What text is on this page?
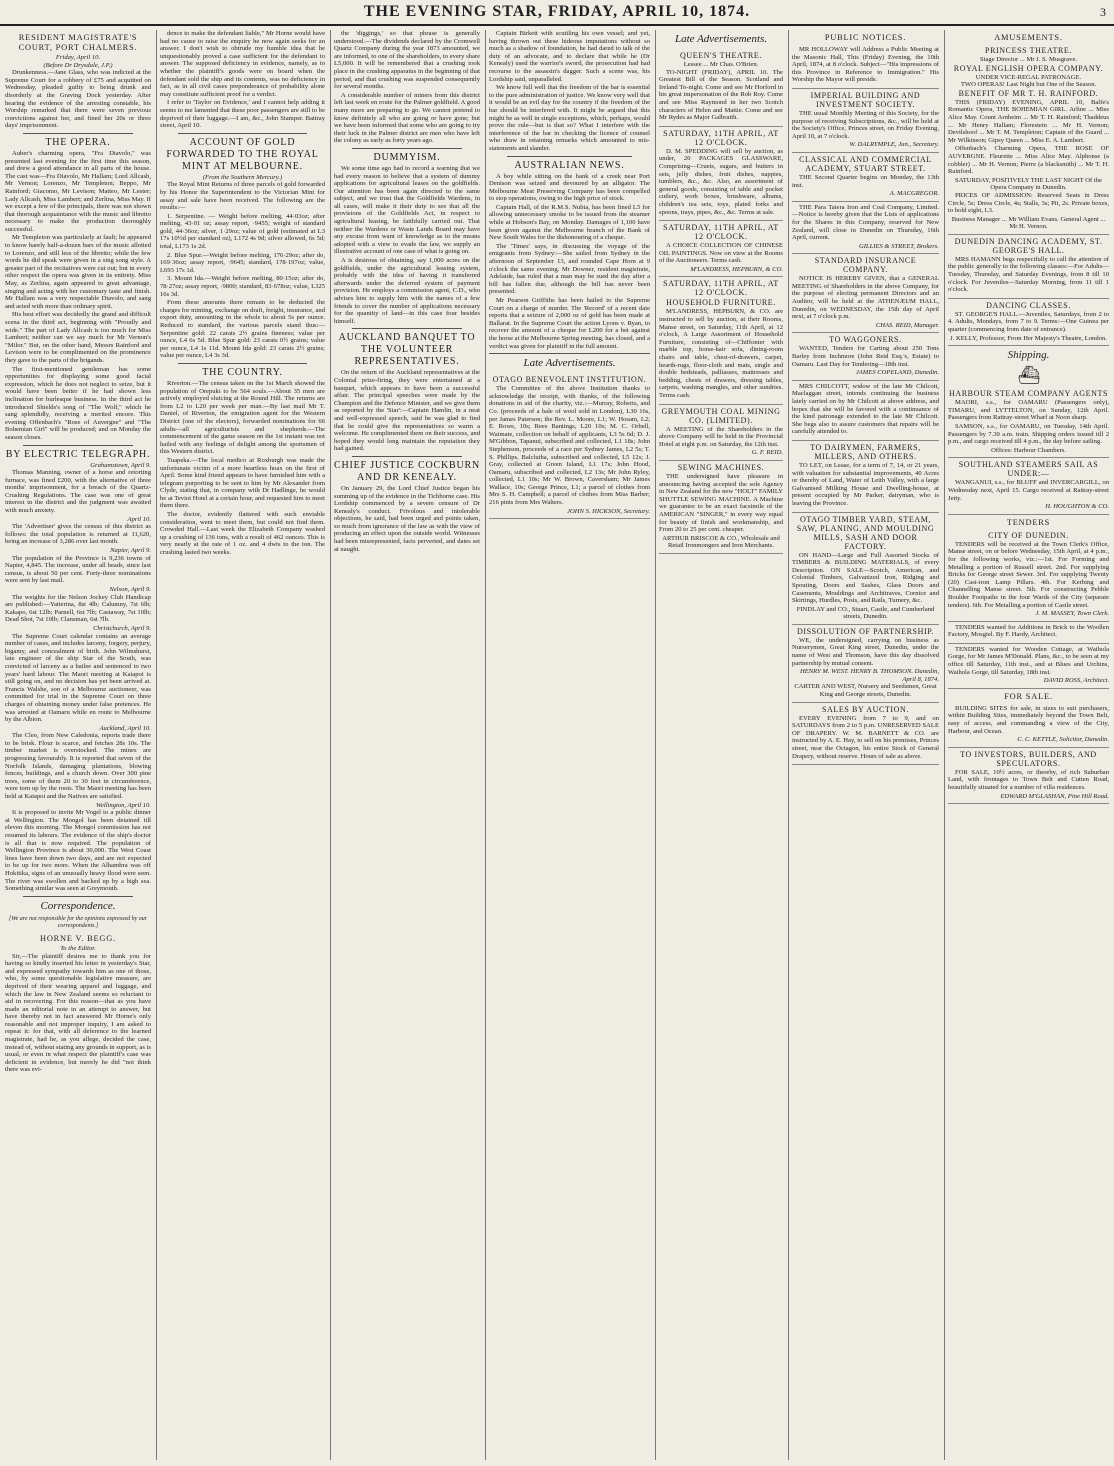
THE EVENING STAR, FRIDAY, APRIL 10, 1874.	3
RESIDENT MAGISTRATE'S COURT, PORT CHALMERS.
Friday, April 10.
(Before Dr Drysdale, J.P.)

Drunkenness.—Jane Glass, who was indicted at the Supreme Court for a robbery of £75 and acquitted on Wednesday, pleaded guilty to being drunk and disorderly at the Graving Dock yesterday. After hearing the evidence of the arresting constable, his Worship remarked that there were seven previous convictions against her, and fined her 20s or three days' imprisonment.

THE OPERA.

Auber's charming opera, "Fra Diavolo," was presented last evening for the first time this season, and drew a good attendance in all parts of the house. The cast was—Fra Diavolo, Mr Hallam; Lord Allcash, Mr Vernon; Lorenzo, Mr Templeton; Beppo, Mr Rainford; Giacomo, Mr Levison; Matteo, Mr Lester; Lady Allcash, Miss Lambert; and Zerlina, Miss May. If we except a few of the principals, there was not shown that thorough acquaintance with the music and libretto necessary to make the production thoroughly successful.

Mr Templeton was particularly at fault; he appeared to know barely half-a-dozen bars of the music allotted to Lorenzo, and still less of the libretto; while the few words he did speak were given in a sing song style. A greater part of the recitatives were cut out; but in every other respect the opera was given in its entirety. Miss May, as Zerlina, again appeared to great advantage, singing and acting with her customary taste and finish. Mr Hallam was a very respectable Diavolo, and sang and acted with more than ordinary spirit.

His best effort was decidedly the grand and difficult scena in the third act, beginning with "Proudly and wide." The part of Lady Allcash is too much for Miss Lambert; neither can we say much for Mr Vernon's "Milor." But, on the other hand, Messrs Rainford and Levison were to be complimented on the prominence they gave to the parts of the brigands.

The first-mentioned gentleman has some opportunities for displaying some good facial expression, which he does not neglect to seize, but it would have been better if he had shown less inclination for burlesque business. In the third act he introduced Shields's song of "The Wolf," which he sang splendidly, receiving a merited encore. This evening Offenbach's "Rose of Auvergne" and "The Bohemian Girl" will be produced; and on Monday the season closes.

BY ELECTRIC TELEGRAPH.
Grahamstown, April 9.

Thomas Manning, owner of a horse and retorting furnace, was fined £200, with the alternative of three months' imprisonment, for a breach of the Quartz-Crushing Regulations. The case was one of great interest in the district and the judgment was awaited with much anxiety.

April 10.

The 'Advertiser' gives the census of this district as follows: the total population is returned at 11,620, being an increase of 3,286 over last month.

Napier, April 9.

The population of the Province is 9,236 towns of Napier, 4,845. The increase, under all heads, since last census, is about 50 per cent. Forty-three nominations were sent by last mail.

Nelson, April 9.

The weights for the Nelson Jockey Club Handicap are published:—Yatterina, 8st 4lb; Calumny, 7st 6lb; Kakapo, 6st 12lb; Parnell, 6st 7lb; Castaway, 7st 10lb; Dead Shot, 7st 10lb; Clansman, 6st 7lb.

Christchurch, April 9.

The Supreme Court calendar contains an average number of cases, and includes larceny, forgery, perjury, bigamy, and concealment of birth. John Wilmshurst, late engineer of the ship Star of the South, was convicted of larceny as a bailee and sentenced to two years' hard labour. The Maori meeting at Kaiapoi is still going on, and no decision has yet been arrived at. Francis Walshe, son of a Melbourne auctioneer, was committed for trial in the Supreme Court on three charges of obtaining money under false pretences. He was arrested at Oamaru while en route to Melbourne by the Albion.

Auckland, April 10.

The Cleo, from New Caledonia, reports trade there to be brisk. Flour is scarce, and fetches 28s 10s. The timber market is overstocked. The mines are progressing favourably. It is reported that seven of the Norfolk Islands, damaging plantations, blowing fences, buildings, and a church down. Over 300 pine trees, some of them 20 to 30 feet in circumference, were torn up by the roots. The Maori meeting has been held at Kaiapoi and the Natives are satisfied.

Wellington, April 10.

It is proposed to invite Mr Vogel to a public dinner at Wellington. The Mongol has been detained till eleven this morning. The Mongol commission has not resumed its labours. The evidence of the ship's doctor is all that is now required. The population of Wellington Province is about 30,000. The West Coast lines have been down two days, and are not expected to be up for two more. When the Alhambra was off Hokitika, signs of an unusually heavy flood were seen. The river was swollen and backed up by a high sea. Something similar was seen at Greymouth.

Correspondence.
[We are not responsible for the opinions expressed by our correspondents.]
HORNE V. BEGG.
To the Editor.

Sir,—The plaintiff desires me to thank you for having so kindly inserted his letter in yesterday's Star, and expressed sympathy towards him as one of those, who, by some questionable legislative measure, are deprived of their wearing apparel and luggage, and which the law in New Zealand seems so reluctant to aid in recovering. For this reason—that as you have made an editorial note in an attempt to answer, but have thereby not in fact answered Mr Horne's only reasonable and not improper inquiry, I am asked to repeat it: for that, with all deference to the learned magistrate, had he, as you allege, decided the case, instead of, without stating any grounds in support, as is usual, or even in what respect the plaintiff's case was deficient in evidence, but merely he did "not think there was evi-

dence to make the defendant liable," Mr Horne would have had no cause to raise the enquiry he now again seeks for an answer. I don't wish to obtrude my humble idea that he unquestionably proved a case sufficient for the defendant to answer. The supposed deficiency in evidence, namely, as to whether the plaintiff's goods were on board when the defendant sold the ship and its contents, was no deficiency in fact, as in all civil cases preponderance of probability alone may constitute sufficient proof for a verdict.

I refer to 'Taylor on Evidence,' and I cannot help adding it seems to me lamented that these poor passengers are still to be deprived of their luggage.—I am, &c., John Stamper. Battray street, April 10.

ACCOUNT OF GOLD FORWARDED TO THE ROYAL MINT AT MELBOURNE.
(From the Southern Mercury.)

The Royal Mint Returns of three parcels of gold forwarded by his Honor the Superintendent to the Victorian Mint for assay and sale have been received. The following are the results:—

1. Serpentine. — Weight before melting, 44·03oz; after melting, 43·01 oz; assay report, ·9455; weight of standard gold, 44·36oz; silver, 1·29oz; value of gold (estimated at L3 17s 10½d per standard oz), L172 4s 9d; silver allowed, 6s 5d; total, L173 1s 2d.

2. Blue Spur.—Weight before melting, 176·29oz; after do, 169·36oz; assay report, ·9645; standard, 178·197oz; value, L693 17s 1d.

3. Mount Ida.—Weight before melting, 80·15oz; after do, 78·27oz; assay report, ·9800; standard, 83·678oz; value, L325 16s 3d.

From these amounts there remain to be deducted the charges for minting, exchange on draft, freight, insurance, and export duty, amounting in the whole to about 5s per ounce. Reduced to standard, the various parcels stand thus:—Serpentine gold: 22 carats 2½ grains fineness; value per ounce, L4 6s 5d. Blue Spur gold: 23 carats 0½ grains; value per ounce, L4 1s 11d. Mount Ida gold: 23 carats 2½ grains; value per ounce, L4 3s 3d.

THE COUNTRY.

Riverton.—The census taken on the 1st March showed the population of Orepuki to be 564 souls.—About 35 men are actively employed sluicing at the Round Hill. The returns are from L2 to L20 per week per man.—By last mail Mr T. Daniel, of Riverton, the emigration agent for the Western District (one of the electors), forwarded nominations for 66 adults—all agriculturists and shepherds.—The commencement of the game season on the 1st instant was not hailed with any feelings of delight among the sportsmen of this Western district.

Tuapeka.—The local medico at Roxburgh was made the unfortunate victim of a more heartless hoax on the first of April. Some kind friend appears to have furnished him with a telegram purporting to be sent to him by Mr Alexander from Clyde, stating that, in company with Dr Hadlinge, he would be at Teviot Hotel at a certain hour, and requested him to meet them there.

The doctor, evidently flattered with such enviable consideration, went to meet them, but could not find them. Crowded Hall.—Last week the Elizabeth Company washed up a crushing of 136 tons, with a result of 462 ounces. This is very nearly at the rate of 1 oz. and 4 dwts to the ton. The crushing lasted two weeks.

the 'diggings,' so that phrase is generally understood.—The dividends declared by the Cromwell Quartz Company during the year 1873 amounted, we are informed, to one of the shareholders, to every share L5,000. It will be remembered that a crushing took place in the crushing apparatus in the beginning of that period, and that crushing was suspended consequently for several months.

A considerable number of miners from this district left last week en route for the Palmer goldfield. A good many more are preparing to go. We cannot pretend to know definitely all who are going or have gone; but we have been informed that some who are going to try their luck in the Palmer district are men who have left the colony as early as forty years ago.

DUMMYISM.

We some time ago had to record a warning that we had every reason to believe that a system of dummy applications for agricultural leases on the goldfields. Our attention has been again directed to the same subject, and we trust that the Goldfields Wardens, in all cases, will make it their duty to see that all the provisions of the Goldfields Act, in respect to agricultural leasing, be faithfully carried out. That neither the Wardens or Waste Lands Board may have any excuse from want of knowledge as to the means adopted with a view to evade the law, we supply an illustrative account of one case of what is going on.

A is desirous of obtaining, say 1,000 acres on the goldfields, under the agricultural leasing system, probably with the idea of having it transferred afterwards under the deferred system of payment provision. He employs a commission agent, C.D., who advises him to supply him with the names of a few friends to cover the number of applications necessary for the quantity of land—in this case four besides himself.

AUCKLAND BANQUET TO THE VOLUNTEER REPRESENTATIVES.

On the return of the Auckland representatives at the Colonial prize-firing, they were entertained at a banquet, which appears to have been a successful affair. The principal speeches were made by the Champion and the Defence Minister, and we give them as reported by the 'Star':—Captain Hamlin, in a neat and well-expressed speech, said he was glad to find that he could give the representatives so warm a welcome. He complimented them on their success, and hoped they would long maintain the reputation they had gained.

CHIEF JUSTICE COCKBURN AND DR KENEALY.

On January 29, the Lord Chief Justice began his summing up of the evidence in the Tichborne case. His Lordship commenced by a severe censure of Dr Kenealy's conduct. Frivolous and intolerable objections, he said, had been urged and points taken, so much from ignorance of the law as with the view of producing an effect upon the outside world. Witnesses had been misrepresented, facts perverted, and dates set at naught.

Captain Birkett with scuttling his own vessel; and yet, having thrown out these hideous imputations without so much as a shadow of foundation, he had dared to talk of the duty of an advocate, and to declare that while he (Dr Kenealy) used the warrior's sword, the prosecution had had recourse to the assassin's dagger. Such a scene was, his Lordship said, unparalleled.

We know full well that the freedom of the bar is essential to the pure administration of justice. We know very well that it would be an evil day for the country if the freedom of the bar should be interfered with. It might be argued that this might be as well in single exceptions, which, perhaps, would prove the rule—but is that so? What I interfere with the interference of the bar in checking the licence of counsel who draw in retaining remarks which amounted to mis-statements and slander.

AUSTRALIAN NEWS.

A boy while sitting on the bank of a creek near Port Denison was seized and devoured by an alligator. The Melbourne Meat Preserving Company has been compelled to stop operations, owing to the high price of stock.

Captain Hall, of the R.M.S. Nubia, has been fined L5 for allowing unnecessary smoke to be issued from the steamer while at Hobson's Bay, on Monday. Damages of 1,100 have been given against the Melbourne branch of the Bank of New South Wales for the dishonouring of a cheque.

The 'Times' says, in discussing the voyage of the emigrants from Sydney:—She sailed from Sydney in the afternoon of September 13, and rounded Cape Horn at 9 o'clock the same evening. Mr Downer, resident magistrate, Adelaide, has ruled that a man may be sued the day after a bill has fallen due, although the bill has never been presented.

Mr Pearson Griffiths has been bailed to the Supreme Court on a charge of murder. The 'Record' of a recent date reports that a seizure of 2,000 oz of gold has been made at Ballarat. In the Supreme Court the action Lyons v. Ryan, to recover the amount of a cheque for L200 for a bet against the horse at the Melbourne Spring meeting, has closed, and a verdict was given for plaintiff in the full amount.

Late Advertisements.
OTAGO BENEVOLENT INSTITUTION.

The Committee of the above Institution thanks to acknowledge the receipt, with thanks, of the following donations in aid of the charity, viz.:—Murray, Roberts, and Co. (proceeds of a bale of wool sold in London), L30 16s, per James Paterson; the Rev. L. Moore, L1; W. Hosam, L2; E. Rowe, 10s; Rees Bantings, L20 10s; M. C. Orbell, Waimate, collection on behalf of applicants, L3 5s 6d; D. J. M'Gibbon, Tapanui, subscribed and collected, L1 18s; John Stephenson, proceeds of a race per Sydney James, L2 5s; T. S. Phillips, Balclutha, subscribed and collected, L5 12s; J. Gray, collected at Green Island, L1 17s; John Hood, Oamaru, subscribed and collected, L2 13s; Mr John Ryley, collected, L1 10s; Mr W. Brown, Caversham; Mr James Wallace, 10s; George Prince, L1; a parcel of clothes from Mrs S. H. Campbell; a parcel of clothes from Miss Barber; 216 pints from Mrs Walters.

JOHN S. HICKSON, Secretary.
Late Advertisements.
QUEEN'S THEATRE.
Lessee ... Mr Chas. O'Brien.

TO-NIGHT (FRIDAY), APRIL 10. The Greatest Bill of the Season. Scotland and Ireland To-night. Come and see Mr Horford in his great impersonation of the Rob Roy. Come and see Miss Raymond in her two Scotch characters of Helen and Mattie. Come and see Mr Rydes as Major Galbraith.

SATURDAY, 11TH APRIL, AT 12 O'CLOCK.

D. M. SPEDDING will sell by auction, as under, 20 PACKAGES GLASSWARE, Comprising—Cruets, sugars, and butters in sets, jelly dishes, fruit dishes, nappies, tumblers, &c., &c. Also, an assortment of general goods, consisting of table and pocket cutlery, work boxes, brushware, albums, children's tea sets, toys, plated forks and spoons, trays, pipes, &c., &c. Terms at sale.

SATURDAY, 11TH APRIL, AT 12 O'CLOCK.

A CHOICE COLLECTION OF CHINESE OIL PAINTINGS. Now on view at the Rooms of the Auctioneers. Terms cash.

M'LANDRESS, HEPBURN, & CO.
SATURDAY, 11TH APRIL, AT 12 O'CLOCK.
HOUSEHOLD FURNITURE.

M'LANDRESS, HEPBURN, & CO. are instructed to sell by auction, at their Rooms, Manse street, on Saturday, 11th April, at 12 o'clock, A Large Assortment of Household Furniture, consisting of—Chiffonier with marble top, horse-hair sofa, dining-room chairs and table, chest-of-drawers, carpet, hearth-rugs, floor-cloth and mats, single and double bedsteads, palliasses, mattresses and bedding, chests of drawers, dressing tables, carpets, washing mangles, and other sundries. Terms cash.

GREYMOUTH COAL MINING CO. (LIMITED).

A MEETING of the Shareholders in the above Company will be held in the Provincial Hotel at eight p.m. on Saturday, the 12th inst.

G. F. REID.
SEWING MACHINES.

THE undersigned have pleasure in announcing having accepted the sole Agency in New Zealand for the new "HOLT" FAMILY SHUTTLE SEWING MACHINE. A Machine we guarantee to be an exact facsimile of the AMERICAN "SINGER," in every way equal for beauty of finish and workmanship, and From 20 to 25 per cent. cheaper.

ARTHUR BRISCOE & CO., Wholesale and Retail Ironmongers and Iron Merchants.
PUBLIC NOTICES.

MR HOLLOWAY will Address a Public Meeting at the Masonic Hall, This (Friday) Evening, the 10th April, 1874, at 8 o'clock. Subject—"His impressions of this Province in Reference to Immigration." His Worship the Mayor will preside.

IMPERIAL BUILDING AND INVESTMENT SOCIETY.

THE usual Monthly Meeting of this Society, for the purpose of receiving Subscriptions, &c., will be held at the Society's Office, Princes street, on Friday Evening, April 10, at 7 o'clock.

W. DALRYMPLE, Jun., Secretary.
CLASSICAL AND COMMERCIAL ACADEMY, STUART STREET.

THE Second Quarter begins on Monday, the 13th inst.

A. MACGREGOR.

THE Para Taiera Iron and Coal Company, Limited.—Notice is hereby given that the Lists of applications for the Shares in this Company, reserved for New Zealand, will close in Dunedin on Thursday, 16th April, current.

GILLIES & STREET, Brokers.
STANDARD INSURANCE COMPANY.

NOTICE IS HEREBY GIVEN, that a GENERAL MEETING of Shareholders in the above Company, for the purpose of electing permanent Directors and an Auditor, will be held at the ATHENÆUM HALL, Dunedin, on WEDNESDAY, the 15th day of April next, at 7 o'clock p.m.

CHAS. REID, Manager.
TO WAGGONERS.

WANTED, Tenders for Carting about 250 Tons Barley from Inchmore (John Reid Esq.'s, Estate) to Oamaru. Last Day for Tendering—18th inst.

JAMES COPELAND, Dunedin.

MRS CHILCOTT, widow of the late Mr Chilcott, Maclaggan street, intends continuing the business lately carried on by Mr Chilcott at above address, and hopes that she will be favored with a continuance of the kind patronage extended to the late Mr Chilcott. She begs also to assure customers that repairs will be carefully attended to.

TO DAIRYMEN, FARMERS, MILLERS, AND OTHERS.

TO LET, on Lease, for a term of 7, 14, or 21 years, with valuation for substantial improvements, 40 Acres or thereby of Land, Water of Leith Valley, with a large Galvanised Milking House and Dwelling-house, at present occupied by Mr Parker, dairyman, who is leaving the Province.

OTAGO TIMBER YARD, STEAM, SAW, PLANING, AND MOULDING MILLS, SASH AND DOOR FACTORY.

ON HAND—Large and Full Assorted Stocks of TIMBERS & BUILDING MATERIALS, of every Description. ON SALE—Scotch, American, and Colonial Timbers, Galvanized Iron, Ridging and Spouting, Doors and Sashes, Glass Doors and Casements, Mouldings and Architraves, Cornice and Skirtings, Hurdles, Posts, and Rails, Turnery, &c.

FINDLAY and CO., Stuart, Castle, and Cumberland streets, Dunedin.
DISSOLUTION OF PARTNERSHIP.

WE, the undersigned, carrying on business as Nurserymen, Great King street, Dunedin, under the name of West and Thomson, have this day dissolved partnership by mutual consent.

HENRY M. WEST. HENRY B. THOMSON. Dunedin, April 8, 1874.
CARTER AND WEST, Nursery and Seedsmen, Great King and George streets, Dunedin.
SALES BY AUCTION.

EVERY EVENING from 7 to 9, and on SATURDAYS from 2 to 5 p.m. UNRESERVED SALE OF DRAPERY. W. M. BARNETT & CO. are instructed by A. E. Hay, to sell on his premises, Princes street, near the Octagon, his entire Stock of General Drapery, without reserve. Hours of sale as above.

AMUSEMENTS.
PRINCESS THEATRE.
Stage Director ... Mr J. S. Musgrave.
ROYAL ENGLISH OPERA COMPANY.
UNDER VICE-REGAL PATRONAGE.
TWO OPERAS! Last Night but One of the Season.
BENEFIT OF MR T. H. RAINFORD.

THIS (FRIDAY) EVENING, APRIL 10, Balfe's Romantic Opera, THE BOHEMIAN GIRL. Arline ... Miss Alice May. Count Arnheim ... Mr T. H. Rainford; Thaddeus ... Mr Henry Hallam; Florestein ... Mr H. Vernon; Devilshoof ... Mr T. M. Templeton; Captain of the Guard ... Mr Wilkinson; Gipsy Queen ... Miss E. A. Lambert.

Offenbach's Charming Opera, THE ROSE OF AUVERGNE. Fleurette ... Miss Alice May. Alphonse (a cobbler) ... Mr H. Vernon; Pierre (a blacksmith) ... Mr T. H. Rainford.

SATURDAY, POSITIVELY THE LAST NIGHT Of the Opera Company in Dunedin.

PRICES OF ADMISSION: Reserved Seats in Dress Circle, 5s; Dress Circle, 4s; Stalls, 3s; Pit, 2s. Private boxes, to hold eight, L3.

Business Manager ... Mr William Evans. General Agent ... Mr H. Vernon.
DUNEDIN DANCING ACADEMY, ST. GEORGE'S HALL.

MRS HAMANN begs respectfully to call the attention of the public generally to the following classes:—For Adults—Tuesday, Thursday, and Saturday Evenings, from 8 till 10 o'clock. For Juveniles—Saturday Morning, from 11 till 1 o'clock.

DANCING CLASSES.

ST. GEORGE'S HALL.—Juveniles, Saturdays, from 2 to 4. Adults, Mondays, from 7 to 9. Terms:—One Guinea per quarter (commencing from date of entrance).

J. KELLY, Professor, From Her Majesty's Theatre, London.
Shipping.
⛴
HARBOUR STEAM COMPANY AGENTS

MAORI, s.s., for OAMARU (Passengers only), TIMARU, and LYTTELTON, on Sunday, 12th April. Passengers from Rattray-street Wharf at Noon sharp.

SAMSON, s.s., for OAMARU, on Tuesday, 14th April. Passengers by 7.30 a.m. train. Shipping orders issued till 2 p.m., and cargo received till 4 p.m., the day before sailing.

Offices: Harbour Chambers.
SOUTHLAND STEAMERS SAIL AS UNDER:—

WANGANUI, s.s., for BLUFF and INVERCARGILL, on Wednesday next, April 15. Cargo received at Rattray-street Jetty.

H. HOUGHTON & CO.
TENDERS
CITY OF DUNEDIN.

TENDERS will be received at the Town Clerk's Office, Manse street, on or before Wednesday, 15th April, at 4 p.m., for the following works, viz.:—1st. For Forming and Metalling a portion of Russell street. 2nd. For supplying Bricks for George street Sewer. 3rd. For supplying Twenty (20) Cast-iron Lamp Pillars. 4th. For Kerbing and Channelling Manse street. 5th. For constructing Pebble Boulder Footpaths in the four Wards of the City (separate tenders). 6th. For Metalling a portion of Castle street.

J. M. MASSEY, Town Clerk.

TENDERS wanted for Additions in Brick to the Woollen Factory, Mosgiel. By F. Hardy, Architect.

TENDERS wanted for Wooden Cottage, at Waihola Gorge, for Mr James M'Donald. Plans, &c., to be seen at my office till Saturday, 11th inst., and at Blues and Urchins, Waihola Gorge, till Saturday, 18th inst.

DAVID ROSS, Architect.
FOR SALE.

BUILDING SITES for sale, in sizes to suit purchasers, within Building Sites, immediately beyond the Town Belt, easy of access, and commanding a view of the City, Harbour, and Ocean.

C. C. KETTLE, Solicitor, Dunedin.
TO INVESTORS, BUILDERS, AND SPECULATORS.

FOR SALE, 10½ acres, or thereby, of rich Suburban Land, with frontages to Town Belt and Cutten Road, beautifully situated for a number of villa residences.

EDWARD M'GLASHAN, Pine Hill Road.
